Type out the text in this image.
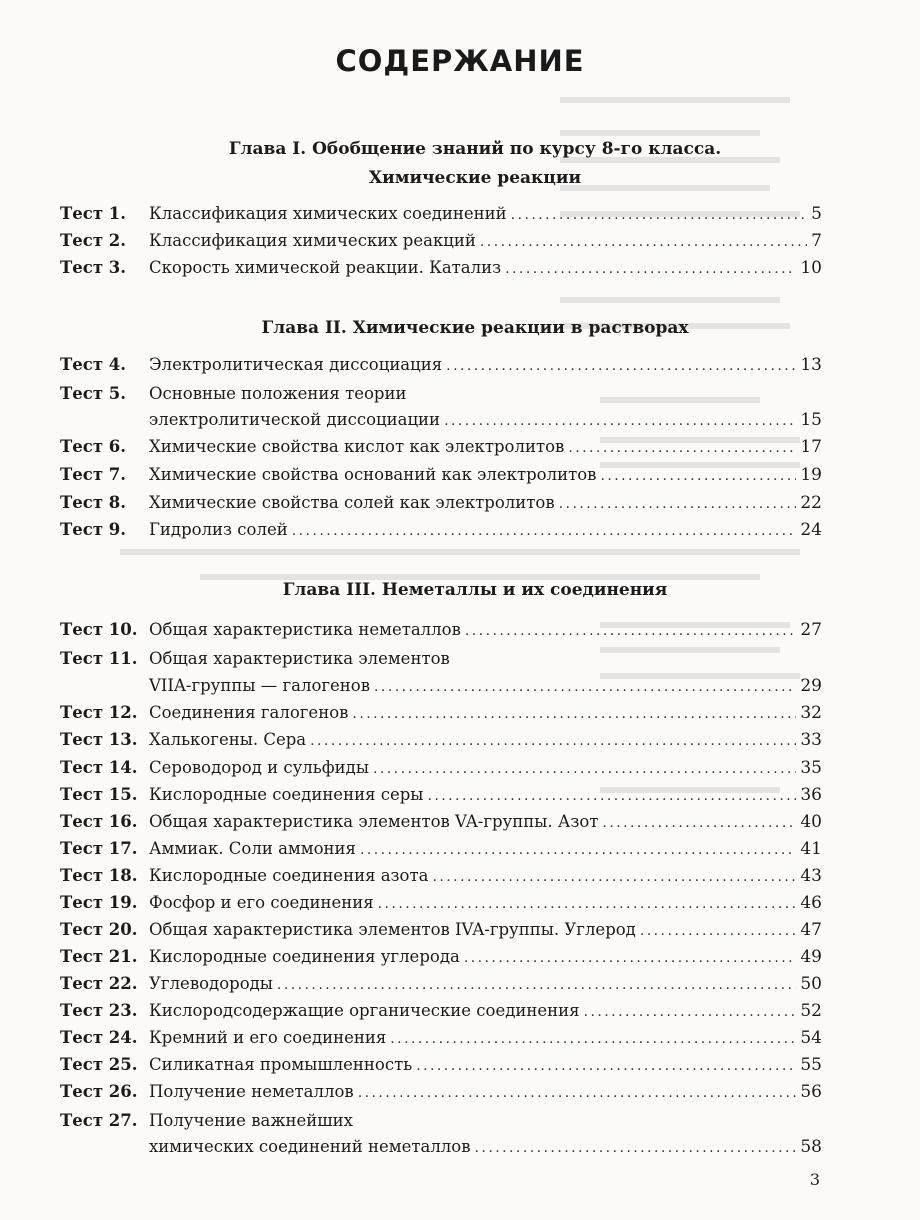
СОДЕРЖАНИЕ
Глава I. Обобщение знаний по курсу 8-го класса.
Химические реакции
Тест 1. Классификация химических соединений . . .	5
Тест 2. Классификация химических реакций . . .	7
Тест 3. Скорость химической реакции. Катализ . . .	10
Глава II. Химические реакции в растворах
Тест 4. Электролитическая диссоциация . . .	13
Тест 5. Основные положения теории
электролитической диссоциации . . .	15
Тест 6. Химические свойства кислот как электролитов . . .	17
Тест 7. Химические свойства оснований как электролитов . . .	19
Тест 8. Химические свойства солей как электролитов . . .	22
Тест 9. Гидролиз солей . . .	24
Глава III. Неметаллы и их соединения
Тест 10. Общая характеристика неметаллов . . .	27
Тест 11. Общая характеристика элементов
VIIA-группы — галогенов . . .	29
Тест 12. Соединения галогенов . . .	32
Тест 13. Халькогены. Сера . . .	33
Тест 14. Сероводород и сульфиды . . .	35
Тест 15. Кислородные соединения серы . . .	36
Тест 16. Общая характеристика элементов VA-группы. Азот . . .	40
Тест 17. Аммиак. Соли аммония . . .	41
Тест 18. Кислородные соединения азота . . .	43
Тест 19. Фосфор и его соединения . . .	46
Тест 20. Общая характеристика элементов IVA-группы. Углерод . . .	47
Тест 21. Кислородные соединения углерода . . .	49
Тест 22. Углеводороды . . .	50
Тест 23. Кислородсодержащие органические соединения . . .	52
Тест 24. Кремний и его соединения . . .	54
Тест 25. Силикатная промышленность . . .	55
Тест 26. Получение неметаллов . . .	56
Тест 27. Получение важнейших
химических соединений неметаллов . . .	58
3
